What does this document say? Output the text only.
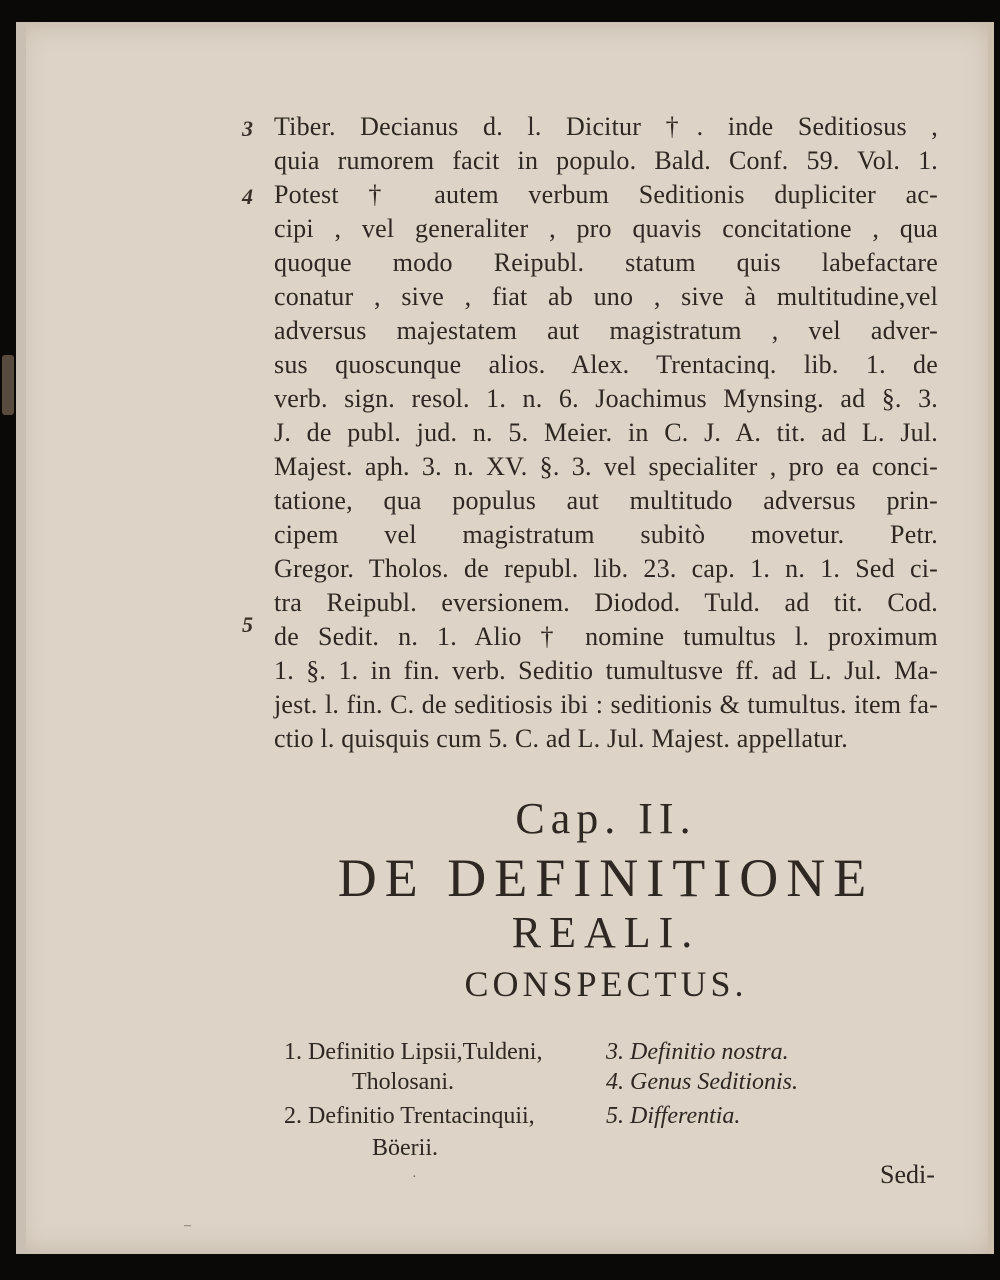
3
4
5
Tiber. Decianus d. l. Dicitur †. inde Seditiosus ,
quia rumorem facit in populo. Bald. Conf. 59. Vol. 1.
Potest † autem verbum Seditionis dupliciter ac-
cipi , vel generaliter , pro quavis concitatione , qua
quoque modo Reipubl. statum quis labefactare
conatur , sive , fiat ab uno , sive à multitudine,vel
adversus majestatem aut magistratum , vel adver-
sus quoscunque alios. Alex. Trentacinq. lib. 1. de
verb. sign. resol. 1. n. 6. Joachimus Mynsing. ad §. 3.
J. de publ. jud. n. 5. Meier. in C. J. A. tit. ad L. Jul.
Majest. aph. 3. n. XV. §. 3. vel specialiter , pro ea conci-
tatione, qua populus aut multitudo adversus prin-
cipem vel magistratum subitò movetur. Petr.
Gregor. Tholos. de republ. lib. 23. cap. 1. n. 1. Sed ci-
tra Reipubl. eversionem. Diodod. Tuld. ad tit. Cod.
de Sedit. n. 1. Alio † nomine tumultus l. proximum
1. §. 1. in fin. verb. Seditio tumultusve ff. ad L. Jul. Ma-
jest. l. fin. C. de seditiosis ibi : seditionis & tumultus. item fa-
ctio l. quisquis cum 5. C. ad L. Jul. Majest. appellatur.
Cap. II.
DE DEFINITIONE
REALI.
CONSPECTUS.
1. Definitio Lipsii,Tuldeni,
Tholosani.
2. Definitio Trentacinquii,
Böerii.
3. Definitio nostra.
4. Genus Seditionis.
5. Differentia.
Sedi-
·
–
